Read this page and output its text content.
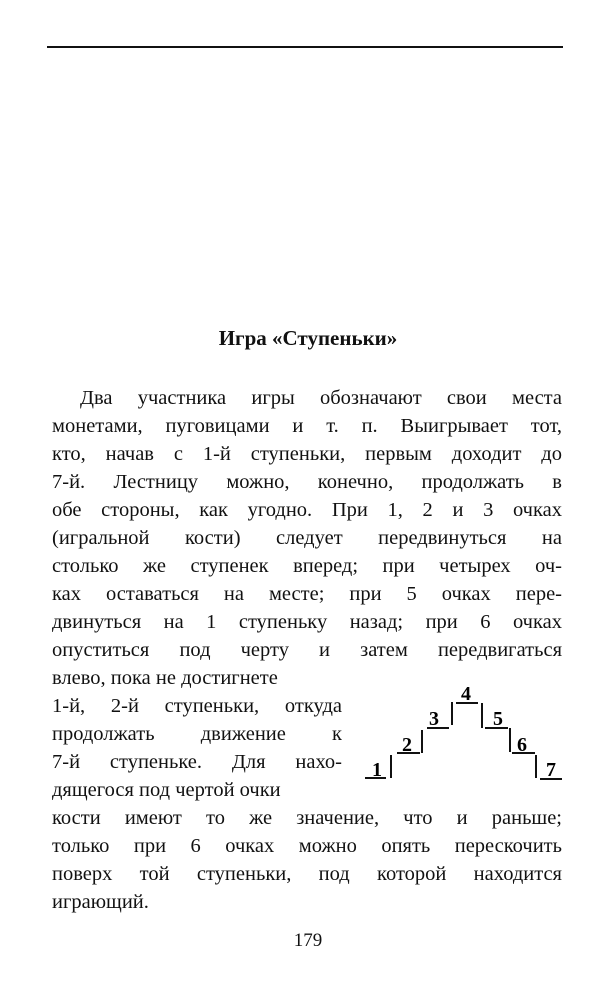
Игра «Ступеньки»
Два участника игры обозначают свои места
монетами, пуговицами и т. п. Выигрывает тот,
кто, начав с 1-й ступеньки, первым доходит до
7-й. Лестницу можно, конечно, продолжать в
обе стороны, как угодно. При 1, 2 и 3 очках
(игральной кости) следует передвинуться на
столько же ступенек вперед; при четырех оч-
ках оставаться на месте; при 5 очках пере-
двинуться на 1 ступеньку назад; при 6 очках
опуститься под черту и затем передвигаться
влево, пока не достигнете
1-й, 2-й ступеньки, откуда
продолжать движение к
7-й ступеньке. Для нахо-
дящегося под чертой очки
кости имеют то же значение, что и раньше;
только при 6 очках можно опять перескочить
поверх той ступеньки, под которой находится
играющий.
1
2
3
4
5
6
7
179
